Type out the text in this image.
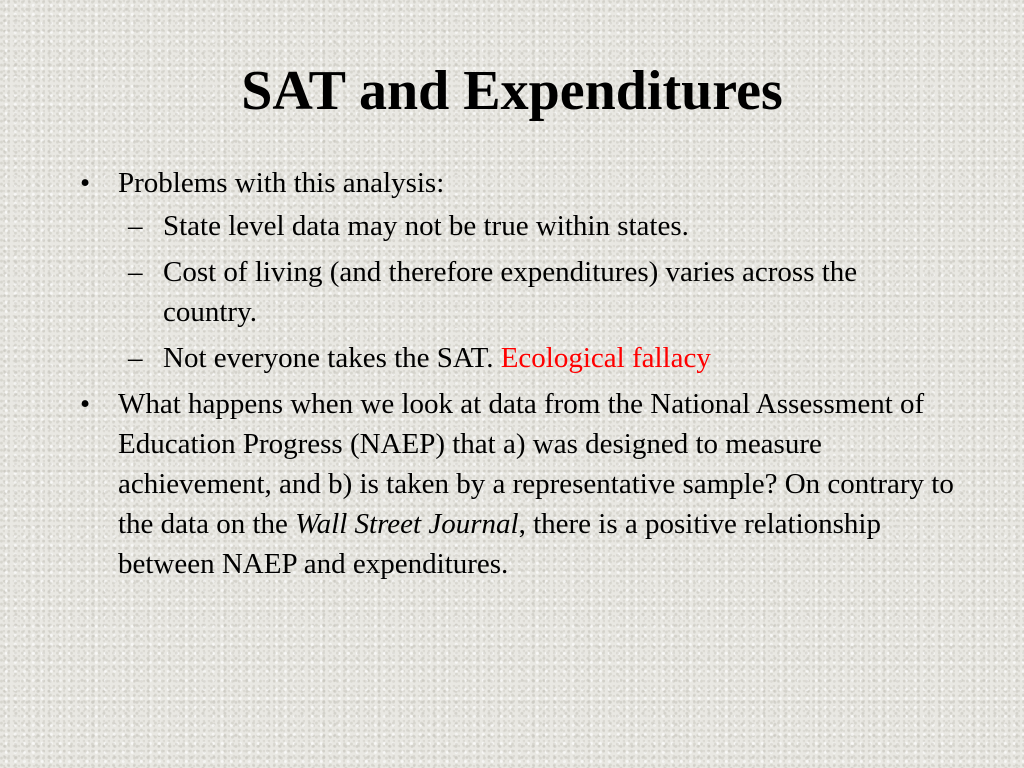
SAT and Expenditures
• Problems with this analysis:
– State level data may not be true within states.
– Cost of living (and therefore expenditures) varies across the country.
– Not everyone takes the SAT. Ecological fallacy
• What happens when we look at data from the National Assessment of Education Progress (NAEP) that a) was designed to measure achievement, and b) is taken by a representative sample? On contrary to the data on the Wall Street Journal, there is a positive relationship between NAEP and expenditures.
